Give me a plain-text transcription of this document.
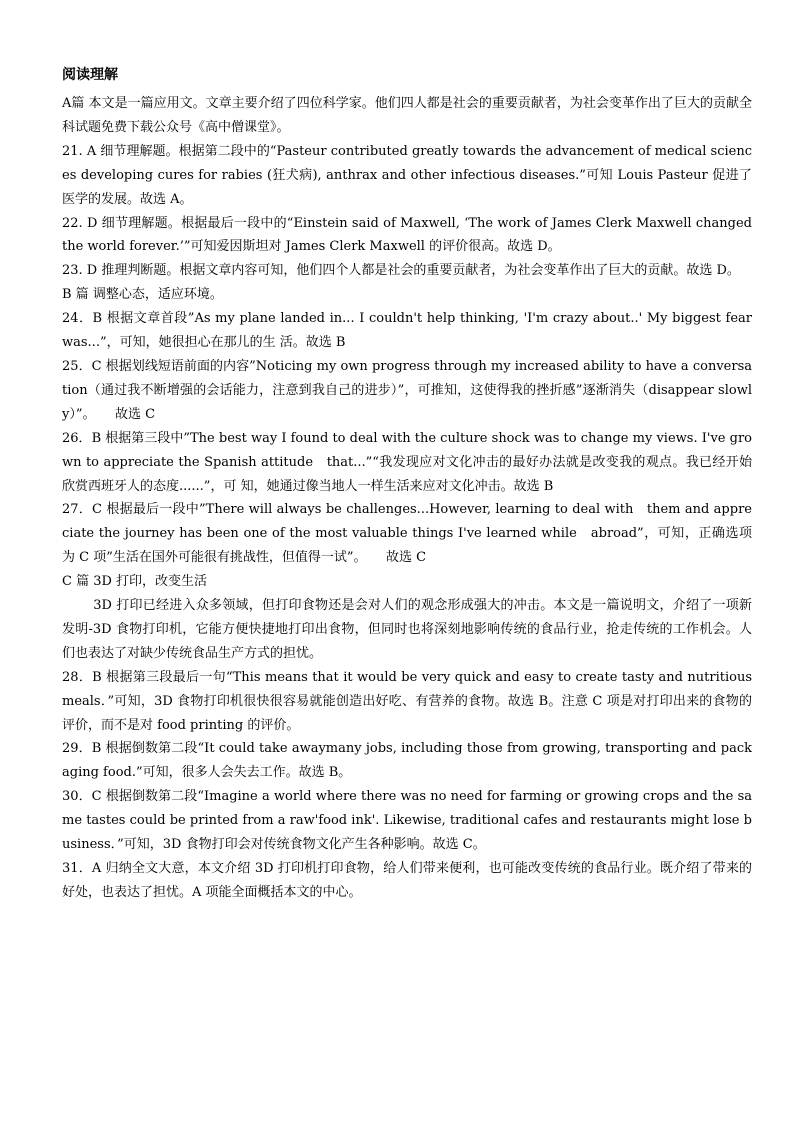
阅读理解

A篇 本文是一篇应用文。文章主要介绍了四位科学家。他们四人都是社会的重要贡献者，为社会变革作出了巨大的贡献全科试题免费下载公众号《高中僧课堂》。

21. A 细节理解题。根据第二段中的“Pasteur contributed greatly towards the advancement of medical sciences developing cures for rabies (狂犬病), anthrax and other infectious diseases.”可知 Louis Pasteur 促进了医学的发展。故选 A。

22. D 细节理解题。根据最后一段中的“Einstein said of Maxwell, ‘The work of James Clerk Maxwell changed the world forever.’”可知爱因斯坦对 James Clerk Maxwell 的评价很高。故选 D。

23. D 推理判断题。根据文章内容可知，他们四个人都是社会的重要贡献者，为社会变革作出了巨大的贡献。故选 D。

B 篇 调整心态，适应环境。

24．B 根据文章首段”As my plane landed in... I couldn't help thinking, 'I'm crazy about..' My biggest fear was...”，可知，她很担心在那儿的生 活。故选 B

25．C 根据划线短语前面的内容”Noticing my own progress through my increased ability to have a conversation（通过我不断增强的会话能力，注意到我自己的进步）”，可推知，这使得我的挫折感”逐渐消失（disappear slowly）”。　　故选 C

26．B 根据第三段中”The best way I found to deal with the culture shock was to change my views. I've grown to appreciate the Spanish attitude　that...”“我发现应对文化冲击的最好办法就是改变我的观点。我已经开始欣赏西班牙人的态度......”，可 知，她通过像当地人一样生活来应对文化冲击。故选 B

27．C 根据最后一段中”There will always be challenges...However, learning to deal with　them and appreciate the journey has been one of the most valuable things I've learned while　abroad”，可知，正确选项为 C 项”生活在国外可能很有挑战性，但值得一试”。　　故选 C

C 篇 3D 打印，改变生活

3D 打印已经进入众多领域，但打印食物还是会对人们的观念形成强大的冲击。本文是一篇说明文，介绍了一项新发明-3D 食物打印机，它能方便快捷地打印出食物，但同时也将深刻地影响传统的食品行业，抢走传统的工作机会。人们也表达了对缺少传统食品生产方式的担忧。

28．B 根据第三段最后一句“This means that it would be very quick and easy to create tasty and nutritious meals．”可知，3D 食物打印机很快很容易就能创造出好吃、有营养的食物。故选 B。注意 C 项是对打印出来的食物的评价，而不是对 food printing 的评价。

29．B 根据倒数第二段“It could take awaymany jobs, including those from growing, transporting and packaging food.”可知，很多人会失去工作。故选 B。

30．C 根据倒数第二段“Imagine a world where there was no need for farming or growing crops and the same tastes could be printed from a raw'food ink'. Likewise, traditional cafes and restaurants might lose business．”可知，3D 食物打印会对传统食物文化产生各种影响。故选 C。

31．A 归纳全文大意，本文介绍 3D 打印机打印食物，给人们带来便利，也可能改变传统的食品行业。既介绍了带来的好处，也表达了担忧。A 项能全面概括本文的中心。
